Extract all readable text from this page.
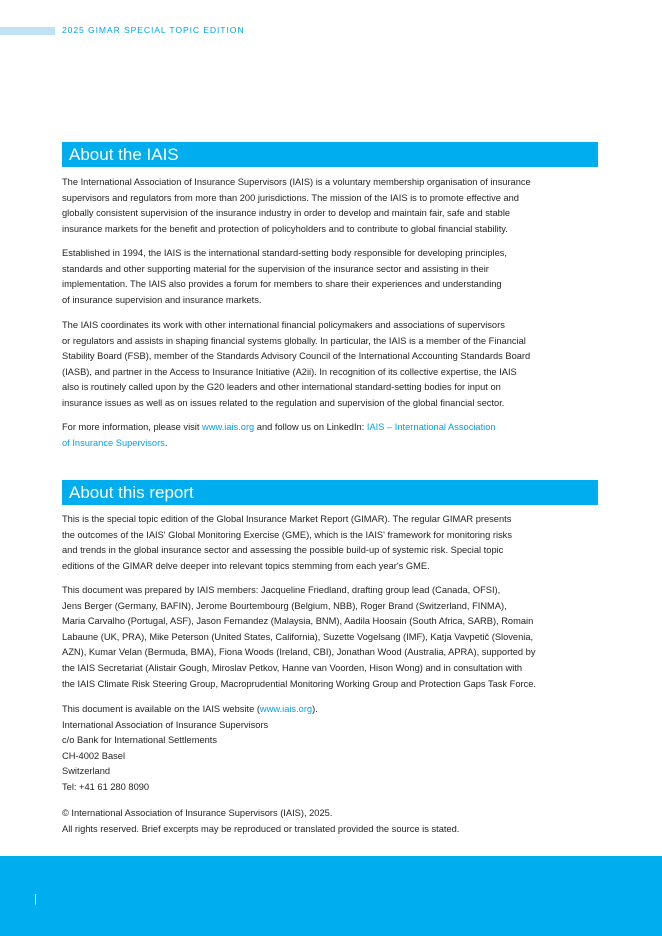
2025 GIMAR SPECIAL TOPIC EDITION
About the IAIS

The International Association of Insurance Supervisors (IAIS) is a voluntary membership organisation of insurance
supervisors and regulators from more than 200 jurisdictions. The mission of the IAIS is to promote effective and
globally consistent supervision of the insurance industry in order to develop and maintain fair, safe and stable
insurance markets for the benefit and protection of policyholders and to contribute to global financial stability.

Established in 1994, the IAIS is the international standard-setting body responsible for developing principles,
standards and other supporting material for the supervision of the insurance sector and assisting in their
implementation. The IAIS also provides a forum for members to share their experiences and understanding
of insurance supervision and insurance markets.

The IAIS coordinates its work with other international financial policymakers and associations of supervisors
or regulators and assists in shaping financial systems globally. In particular, the IAIS is a member of the Financial
Stability Board (FSB), member of the Standards Advisory Council of the International Accounting Standards Board
(IASB), and partner in the Access to Insurance Initiative (A2ii). In recognition of its collective expertise, the IAIS
also is routinely called upon by the G20 leaders and other international standard-setting bodies for input on
insurance issues as well as on issues related to the regulation and supervision of the global financial sector.

For more information, please visit www.iais.org and follow us on LinkedIn: IAIS – International Association
of Insurance Supervisors.

About this report

This is the special topic edition of the Global Insurance Market Report (GIMAR). The regular GIMAR presents
the outcomes of the IAIS' Global Monitoring Exercise (GME), which is the IAIS' framework for monitoring risks
and trends in the global insurance sector and assessing the possible build-up of systemic risk. Special topic
editions of the GIMAR delve deeper into relevant topics stemming from each year's GME.

This document was prepared by IAIS members: Jacqueline Friedland, drafting group lead (Canada, OFSI),
Jens Berger (Germany, BAFIN), Jerome Bourtembourg (Belgium, NBB), Roger Brand (Switzerland, FINMA),
Maria Carvalho (Portugal, ASF), Jason Fernandez (Malaysia, BNM), Aadila Hoosain (South Africa, SARB), Romain
Labaune (UK, PRA), Mike Peterson (United States, California), Suzette Vogelsang (IMF), Katja Vavpetič (Slovenia,
AZN), Kumar Velan (Bermuda, BMA), Fiona Woods (Ireland, CBI), Jonathan Wood (Australia, APRA), supported by
the IAIS Secretariat (Alistair Gough, Miroslav Petkov, Hanne van Voorden, Hison Wong) and in consultation with
the IAIS Climate Risk Steering Group, Macroprudential Monitoring Working Group and Protection Gaps Task Force.

This document is available on the IAIS website (www.iais.org).
International Association of Insurance Supervisors
c/o Bank for International Settlements
CH-4002 Basel
Switzerland
Tel: +41 61 280 8090

© International Association of Insurance Supervisors (IAIS), 2025.
All rights reserved. Brief excerpts may be reproduced or translated provided the source is stated.

|
